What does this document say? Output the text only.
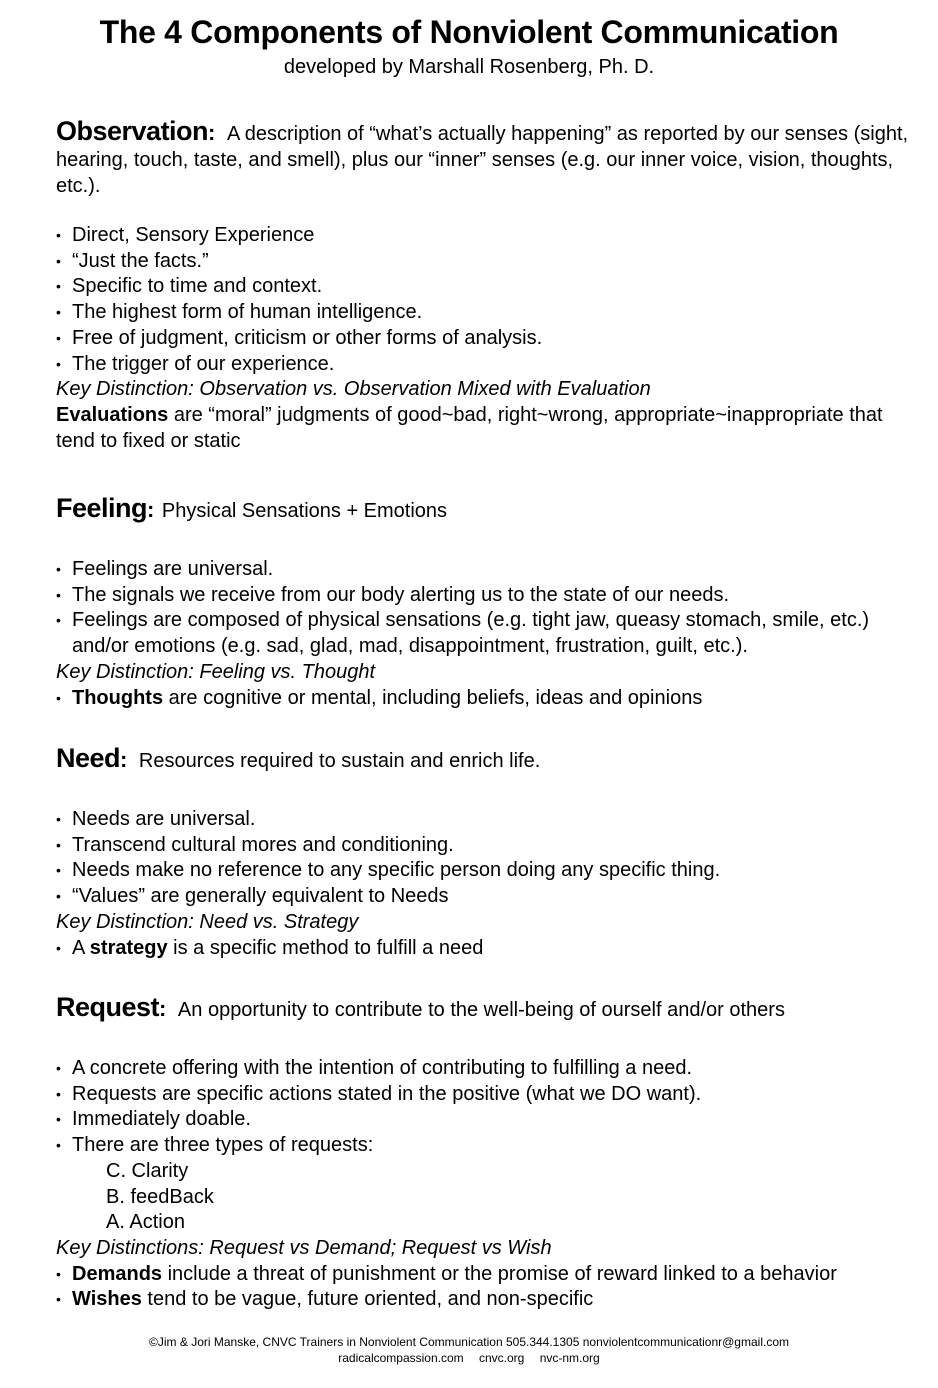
The 4 Components of Nonviolent Communication
developed by Marshall Rosenberg, Ph. D.

Observation: A description of “what’s actually happening” as reported by our senses (sight, hearing, touch, taste, and smell), plus our “inner” senses (e.g. our inner voice, vision, thoughts, etc.).

• Direct, Sensory Experience
• “Just the facts.”
• Specific to time and context.
• The highest form of human intelligence.
• Free of judgment, criticism or other forms of analysis.
• The trigger of our experience.

Key Distinction: Observation vs. Observation Mixed with Evaluation

Evaluations are “moral” judgments of good~bad, right~wrong, appropriate~inappropriate that tend to fixed or static

Feeling: Physical Sensations + Emotions

• Feelings are universal.
• The signals we receive from our body alerting us to the state of our needs.
• Feelings are composed of physical sensations (e.g. tight jaw, queasy stomach, smile, etc.) and/or emotions (e.g. sad, glad, mad, disappointment, frustration, guilt, etc.).

Key Distinction: Feeling vs. Thought

• Thoughts are cognitive or mental, including beliefs, ideas and opinions

Need: Resources required to sustain and enrich life.

• Needs are universal.
• Transcend cultural mores and conditioning.
• Needs make no reference to any specific person doing any specific thing.
• “Values” are generally equivalent to Needs

Key Distinction: Need vs. Strategy

• A strategy is a specific method to fulfill a need

Request: An opportunity to contribute to the well-being of ourself and/or others

• A concrete offering with the intention of contributing to fulfilling a need.
• Requests are specific actions stated in the positive (what we DO want).
• Immediately doable.
• There are three types of requests:
C. Clarity
B. feedBack
A. Action

Key Distinctions: Request vs Demand; Request vs Wish

• Demands include a threat of punishment or the promise of reward linked to a behavior
• Wishes tend to be vague, future oriented, and non-specific
©Jim & Jori Manske, CNVC Trainers in Nonviolent Communication 505.344.1305 nonviolentcommunicationr@gmail.com
radicalcompassion.com cnvc.org nvc-nm.org
